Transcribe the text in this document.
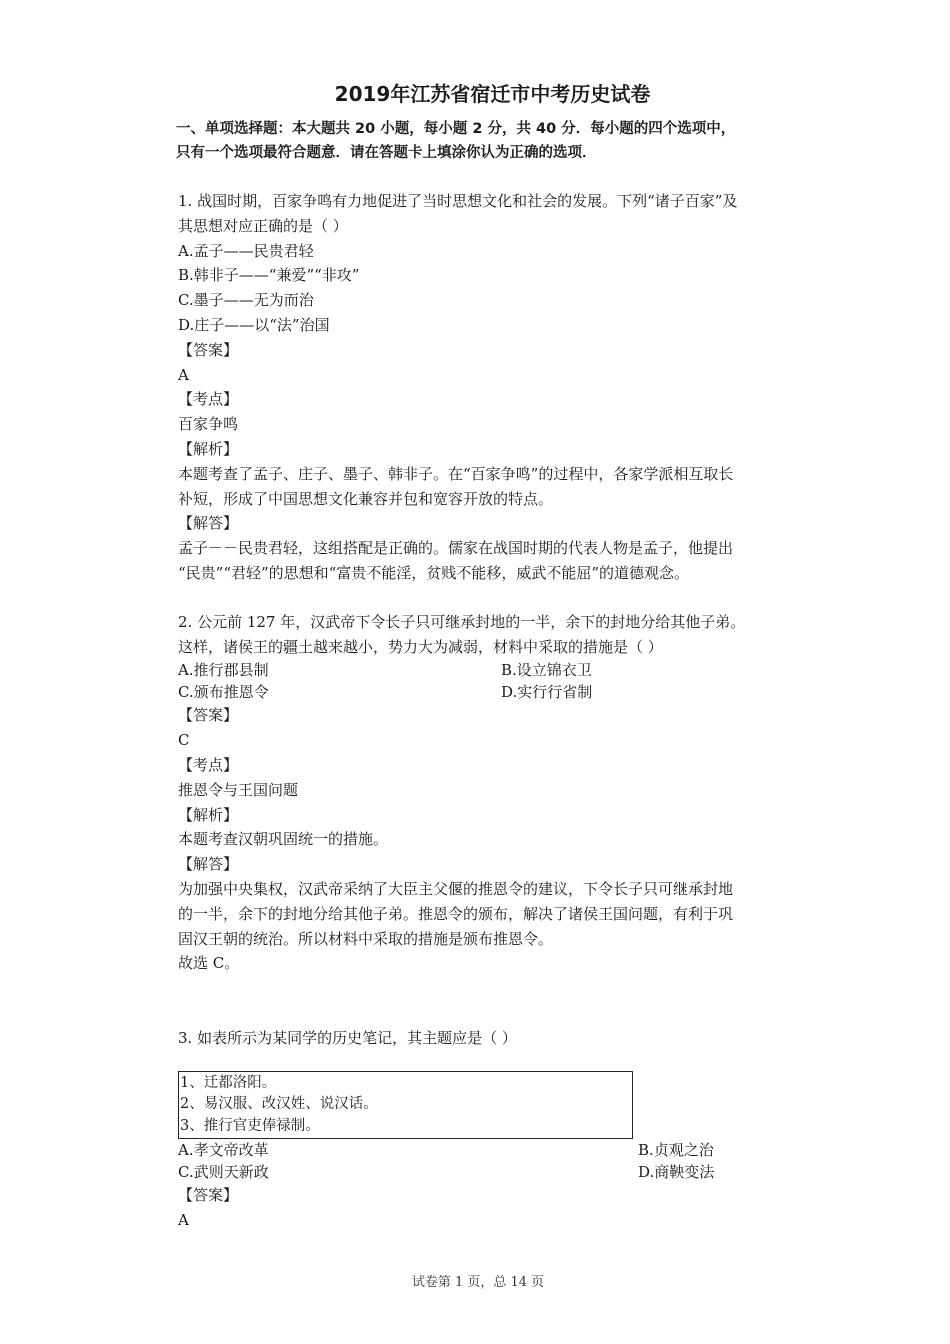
2019年江苏省宿迁市中考历史试卷
一、单项选择题：本大题共 20 小题，每小题 2 分，共 40 分．每小题的四个选项中，
只有一个选项最符合题意．请在答题卡上填涂你认为正确的选项．
1. 战国时期，百家争鸣有力地促进了当时思想文化和社会的发展。下列“诸子百家”及
其思想对应正确的是（ ）
A.孟子——民贵君轻
B.韩非子——“兼爱”“非攻”
C.墨子——无为而治
D.庄子——以“法”治国
【答案】
A
【考点】
百家争鸣
【解析】
本题考查了孟子、庄子、墨子、韩非子。在“百家争鸣”的过程中，各家学派相互取长
补短，形成了中国思想文化兼容并包和宽容开放的特点。
【解答】
孟子－－民贵君轻，这组搭配是正确的。儒家在战国时期的代表人物是孟子，他提出
“民贵”“君轻”的思想和“富贵不能淫，贫贱不能移，威武不能屈”的道德观念。
2. 公元前 127 年，汉武帝下令长子只可继承封地的一半，余下的封地分给其他子弟。
这样，诸侯王的疆土越来越小，势力大为减弱，材料中采取的措施是（ ）
A.推行郡县制	B.设立锦衣卫
C.颁布推恩令	D.实行行省制
【答案】
C
【考点】
推恩令与王国问题
【解析】
本题考查汉朝巩固统一的措施。
【解答】
为加强中央集权，汉武帝采纳了大臣主父偃的推恩令的建议，下令长子只可继承封地
的一半，余下的封地分给其他子弟。推恩令的颁布，解决了诸侯王国问题，有利于巩
固汉王朝的统治。所以材料中采取的措施是颁布推恩令。
故选 C。
3. 如表所示为某同学的历史笔记，其主题应是（ ）
1、迁都洛阳。
2、易汉服、改汉姓、说汉话。
3、推行官吏俸禄制。
A.孝文帝改革	B.贞观之治
C.武则天新政	D.商鞅变法
【答案】
A
试卷第 1 页，总 14 页
